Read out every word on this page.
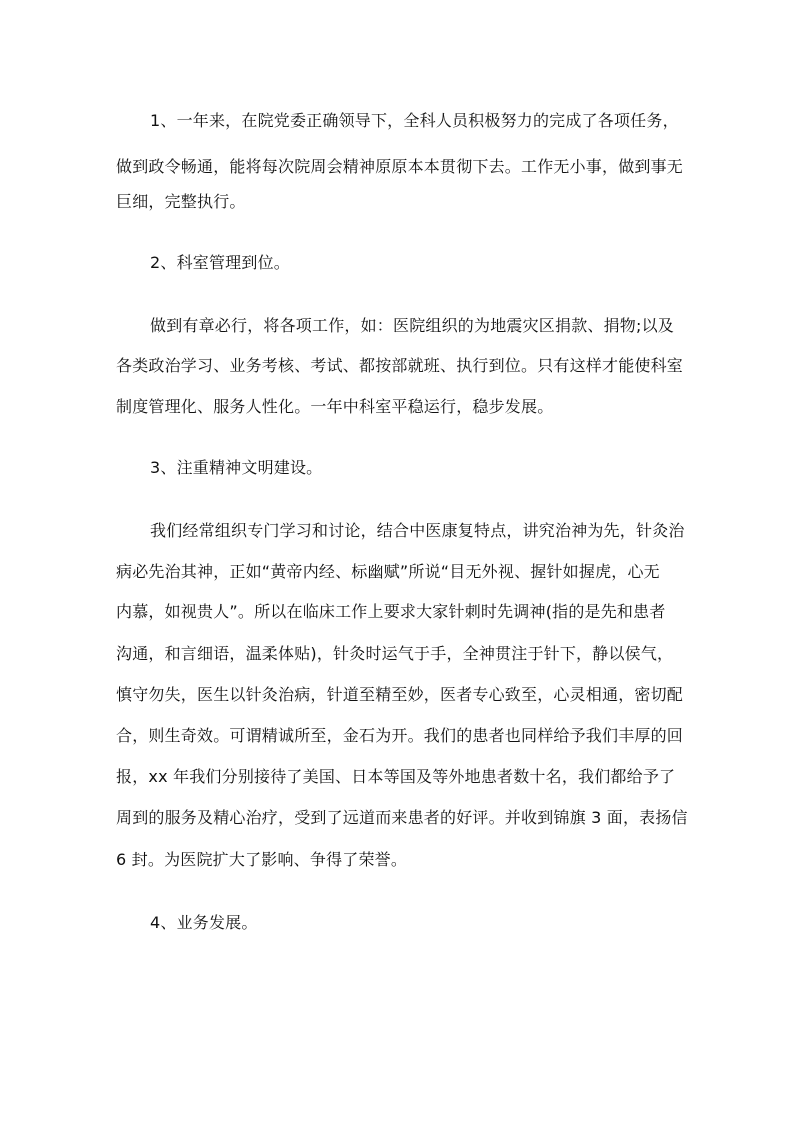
1、一年来，在院党委正确领导下，全科人员积极努力的完成了各项任务，
做到政令畅通，能将每次院周会精神原原本本贯彻下去。工作无小事，做到事无
巨细，完整执行。
2、科室管理到位。
做到有章必行，将各项工作，如：医院组织的为地震灾区捐款、捐物;以及
各类政治学习、业务考核、考试、都按部就班、执行到位。只有这样才能使科室
制度管理化、服务人性化。一年中科室平稳运行，稳步发展。
3、注重精神文明建设。
我们经常组织专门学习和讨论，结合中医康复特点，讲究治神为先，针灸治
病必先治其神，正如“黄帝内经、标幽赋”所说“目无外视、握针如握虎，心无
内慕，如视贵人”。所以在临床工作上要求大家针刺时先调神(指的是先和患者
沟通，和言细语，温柔体贴)，针灸时运气于手，全神贯注于针下，静以侯气，
慎守勿失，医生以针灸治病，针道至精至妙，医者专心致至，心灵相通，密切配
合，则生奇效。可谓精诚所至，金石为开。我们的患者也同样给予我们丰厚的回
报，xx 年我们分别接待了美国、日本等国及等外地患者数十名，我们都给予了
周到的服务及精心治疗，受到了远道而来患者的好评。并收到锦旗 3 面，表扬信
6 封。为医院扩大了影响、争得了荣誉。
4、业务发展。
